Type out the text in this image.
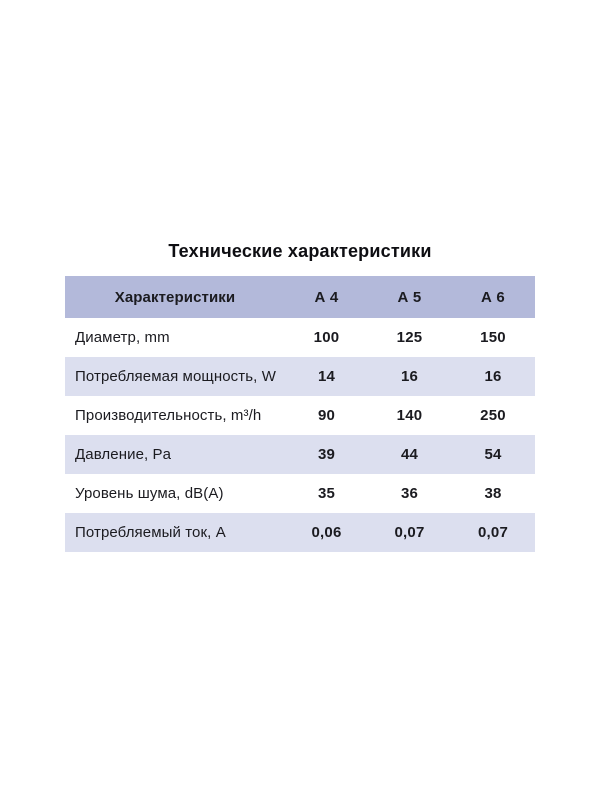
Технические характеристики
Характеристики	А 4	А 5	А 6
Диаметр, mm	100	125	150
Потребляемая мощность, W	14	16	16
Производительность, m³/h	90	140	250
Давление, Pa	39	44	54
Уровень шума, dB(A)	35	36	38
Потребляемый ток, А	0,06	0,07	0,07
